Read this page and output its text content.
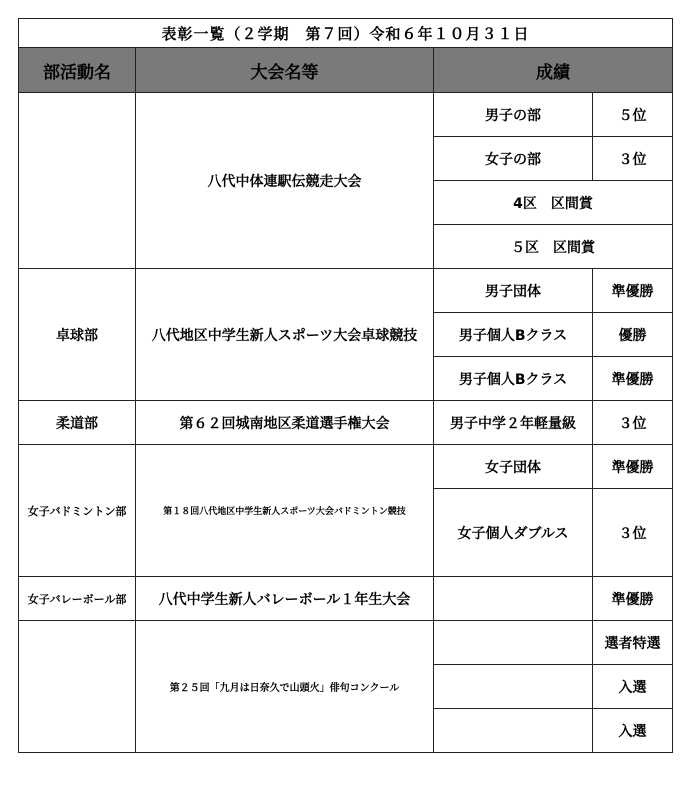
表彰一覧（２学期　第７回）令和６年１０月３１日			
部活動名	大会名等	成績	
	八代中体連駅伝競走大会	男子の部	５位
		女子の部	３位
		4区　区間賞	
		５区　区間賞	
卓球部	八代地区中学生新人スポーツ大会卓球競技	男子団体	準優勝
		男子個人Bクラス	優勝
		男子個人Bクラス	準優勝
柔道部	第６２回城南地区柔道選手権大会	男子中学２年軽量級	３位
女子バドミントン部	第１８回八代地区中学生新人スポーツ大会バドミントン競技	女子団体	準優勝
		女子個人ダブルス	３位
女子バレーボール部	八代中学生新人バレーボール１年生大会		準優勝
	第２５回「九月は日奈久で山頭火」俳句コンクール		選者特選
			入選
			入選
